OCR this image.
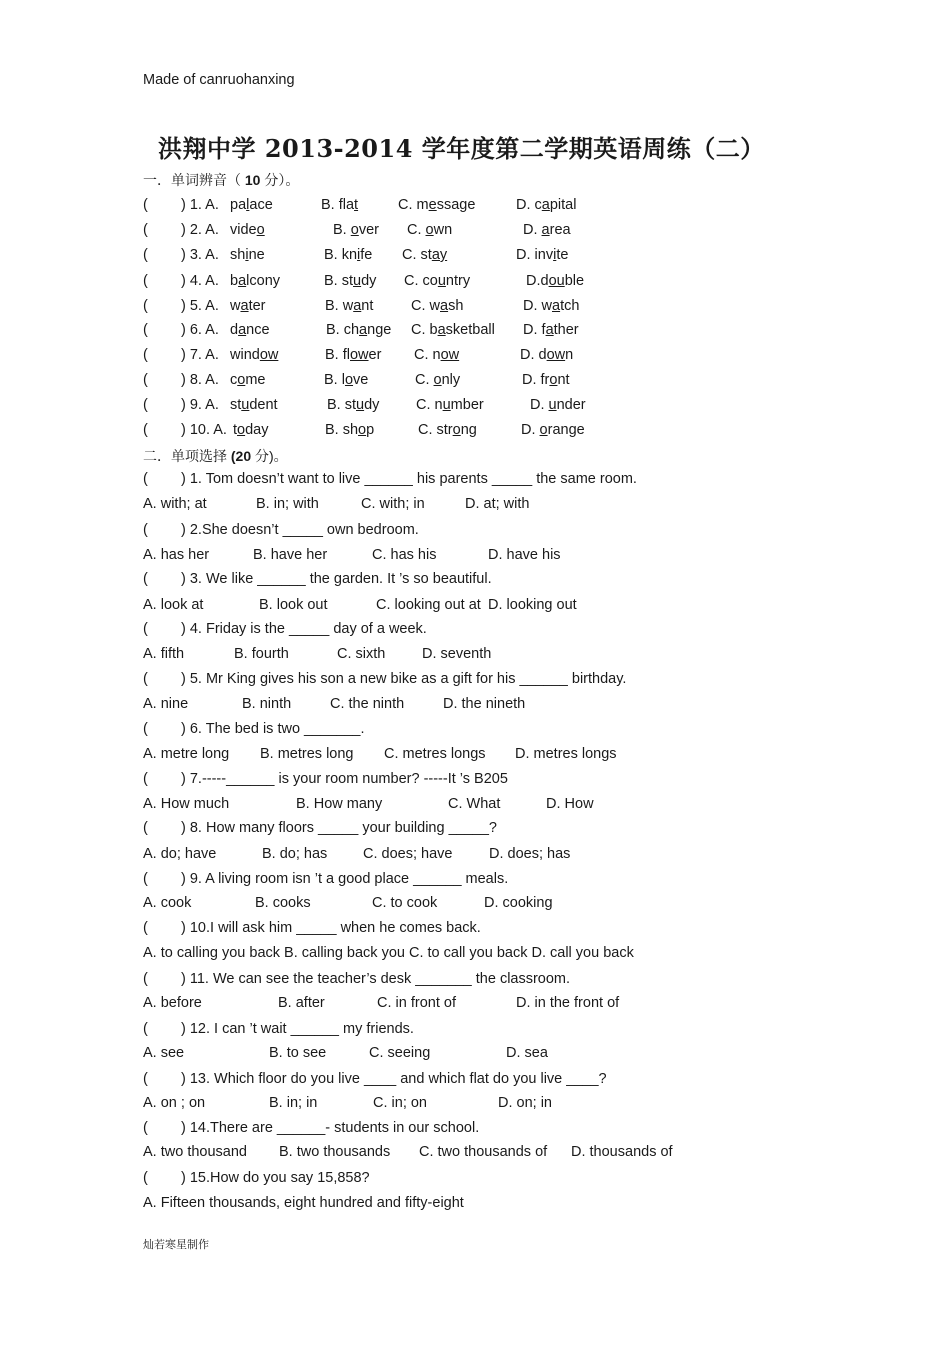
Made of canruohanxing
洪翔中学 2013-2014 学年度第二学期英语周练（二）
一．单词辨音（ 10 分）。
( ) 1. A. palace	B. flat	C. message	D. capital
( ) 2. A. video	B. over C. own	D. area
( ) 3. A. shine	B. knife C. stay	D. invite
( ) 4. A. balcony	B. study C. country	D.double
( ) 5. A. water	B. want	C. wash	D. watch
( ) 6. A. dance	B. change C. basketball D. father
( ) 7. A. window	B. flower C. now	D. down
( ) 8. A. come	B. love	C. only	D. front
( ) 9. A. student	B. study	C. number	D. under
( ) 10. A. today	B. shop	C. strong	D. orange
二．单项选择 (20 分)。
( ) 1. Tom doesn’t want to live ______ his parents _____ the same room.
A. with; at	B. in; with	C. with; in	D. at; with
( ) 2.She doesn’t _____ own bedroom.
A. has her	B. have her	C. has his	D. have his
( ) 3. We like ______ the garden. It ’s so beautiful.
A. look at	B. look out	C. looking out at D. looking out
( ) 4. Friday is the _____ day of a week.
A. fifth	B. fourth	C. sixth	D. seventh
( ) 5. Mr King gives his son a new bike as a gift for his ______ birthday.
A. nine	B. ninth	C. the ninth	D. the nineth
( ) 6. The bed is two _______.
A. metre long B. metres long C. metres longs D. metres longs
( ) 7.-----______ is your room number? -----It ’s B205
A. How much	B. How many	C. What	D. How
( ) 8. How many floors _____ your building _____?
A. do; have	B. do; has C. does; have	D. does; has
( ) 9. A living room isn ’t a good place ______ meals.
A. cook	B. cooks	C. to cook	D. cooking
( ) 10.I will ask him _____ when he comes back.
A. to calling you back B. calling back you C. to call you back D. call you back
( ) 11. We can see the teacher’s desk _______ the classroom.
A. before	B. after	C. in front of	D. in the front of
( ) 12. I can ’t wait ______ my friends.
A. see	B. to see	C. seeing	D. sea
( ) 13. Which floor do you live ____ and which flat do you live ____?
A. on ; on	B. in; in	C. in; on	D. on; in
( ) 14.There are ______- students in our school.
A. two thousand B. two thousands C. two thousands of D. thousands of
( ) 15.How do you say 15,858?
A. Fifteen thousands, eight hundred and fifty-eight
灿若寒星制作
